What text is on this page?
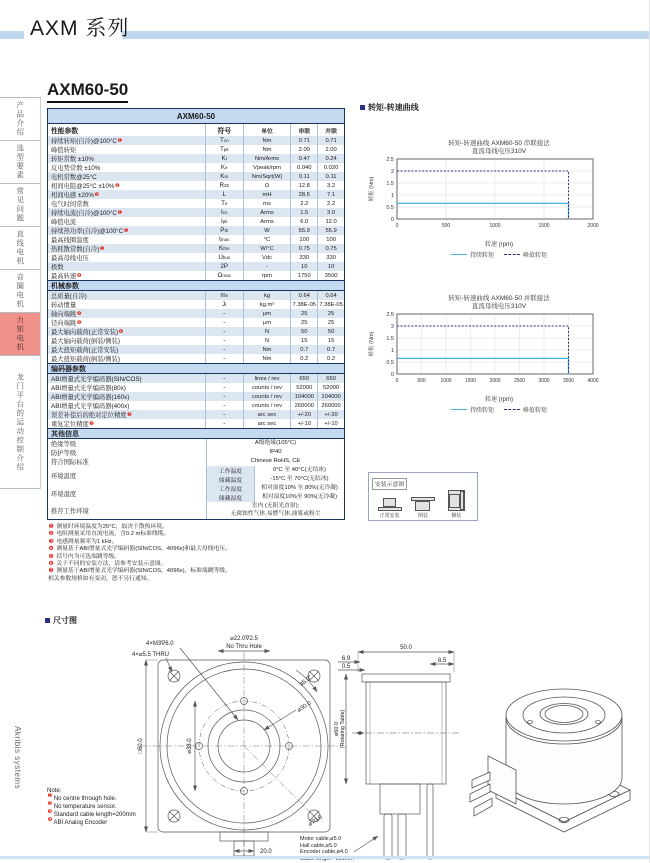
AXM 系列
产品介绍
选型要素
常见问题
直线电机
音圈电机
力矩电机
龙门平台的运动控制介绍
Akribis systems
AXM60-50
AXM60-50
性能参数	符号	单位	串联	并联
持续转矩(自冷)@100°C ❶	T cn	Nm	0.71	0.71
峰值转矩	T pk	Nm	2.00	2.00
转矩常数 ±10%	K t	Nm/Arms	0.47	0.24
反电势常数 ±10%	K e	Vpeak/rpm	0.040	0.020
电机常数@25°C	K m	Nm/Sqrt(W)	0.11	0.11
相间电阻@25°C ±10% ❷	R 25	Ω	12.8	3.2
相间电感 ±20% ❸	L	mH	28.5	7.1
电气时间常数	T e	ms	2.2	2.2
持续电流(自冷)@100°C ❶	I cn	Arms	1.5	3.0
峰值电流	I pk	Arms	6.0	12.0
持续热功率(自冷)@100°C ❶	P th	W	55.9	55.9
最高线圈温度	t max	°C	100	100
热耗散常数(自冷) ❶	K thn	W/°C	0.75	0.75
最高母线电压	U bus	Vdc	330	330
极数	2P	-	10	10
最高转速 ❹	Ω max	rpm	1750	3500
机械参数
总质量(自冷)	m n	kg	0.64	0.64
转动惯量	J r	kg.m²	7.38E-05 7.38E-05
轴向端跳 ❺	-	μm	25	25
径向端跳 ❺	-	μm	25	25
最大轴向载荷(正常安装) ❻	-	N	50	50
最大轴向载荷(倒装/侧装)	-	N	15	15
最大扭矩载荷(正常安装)	-	Nm	0.7	0.7
最大扭矩载荷(倒装/侧装)	-	Nm	0.2	0.2
编码器参数
ABI增量式光学编码器(SIN/COS)	-	lines / rev	650	650
ABI增量式光学编码器(80x)	-	counts / rev	52000	52000
ABI增量式光学编码器(160x)	-	counts / rev	104000	104000
ABI增量式光学编码器(400x)	-	counts / rev	260000	260000
误差补偿后的绝对定位精度 ❼	-	arc sec	+/-20	+/-20
重复定位精度 ❼	-	arc sec	+/-10	+/-10
其他信息
绝缘等级	A级绝缘(105°C)
防护等级	IP40
符合国际标准	Chinese RoHS, CE
环境温度
工作温度	0°C 至 40°C(无结冰)
储藏温度	-15°C 至 70°C(无结冰)
环境湿度
工作湿度	相对湿度10% 至 80%(无冷凝)
储藏湿度	相对湿度10%至 90%(无冷凝)
推荐工作环境
室内 (无阳光直射);
无腐蚀性气体,易燃气体,油雾或粉尘
❶ 测量时环境温度为25°C，取决于散热环境。
❷ 电阻测量采用直流电流，含0.2 m标准线缆。
❸ 电感测量频率为1 kHz。
❹ 测量基于ABI增量式光学编码器(SIN/COS，4096x)和最大母线电压。
❺ 括号内为可选端跳等级。
❻ 关于不同的安装方法，请参考安装示意图。
❼ 测量基于ABI增量式光学编码器(SIN/COS，4096x)，标准端跳等级。
相关参数规格如有变动，恕不另行通知。
转矩-转速曲线
转矩-转速曲线 AXM60-50 串联接法
直流母线电压310V
0
0.5
1
1.5
2
2.5
0	500	1000	1500	2000
转矩 (Nm)
转速 (rpm)
持续转矩	峰值转矩
转矩-转速曲线 AXM60-50 并联接法
直流母线电压310V
0
0.5
1
1.5
2
2.5
0	500	1000	1500	2000	2500	3000	3500	4000
转矩 (Nm)
转速 (rpm)
持续转矩	峰值转矩
安装示意图
正常安装	倒装	侧装
尺寸图
⌀22.0∇2.5
No Thru Hole
4×M3∇6.0
4×⌀5.5 THRU
45.0°
⌀30.0
⌀38.0
□60.0
⌀70.0
20.0
50.0
6.9
0.5
8.5
⌀60.0 (Rotating Table)
Motor cable,⌀5.0
Hall cable,⌀5.0
Encoder cable,⌀4.0
Note:
❶ No centre through hole.
❷ No temperature sensor.
❸ Standard cable length=200mm
❹ ABI Analog Encoder
